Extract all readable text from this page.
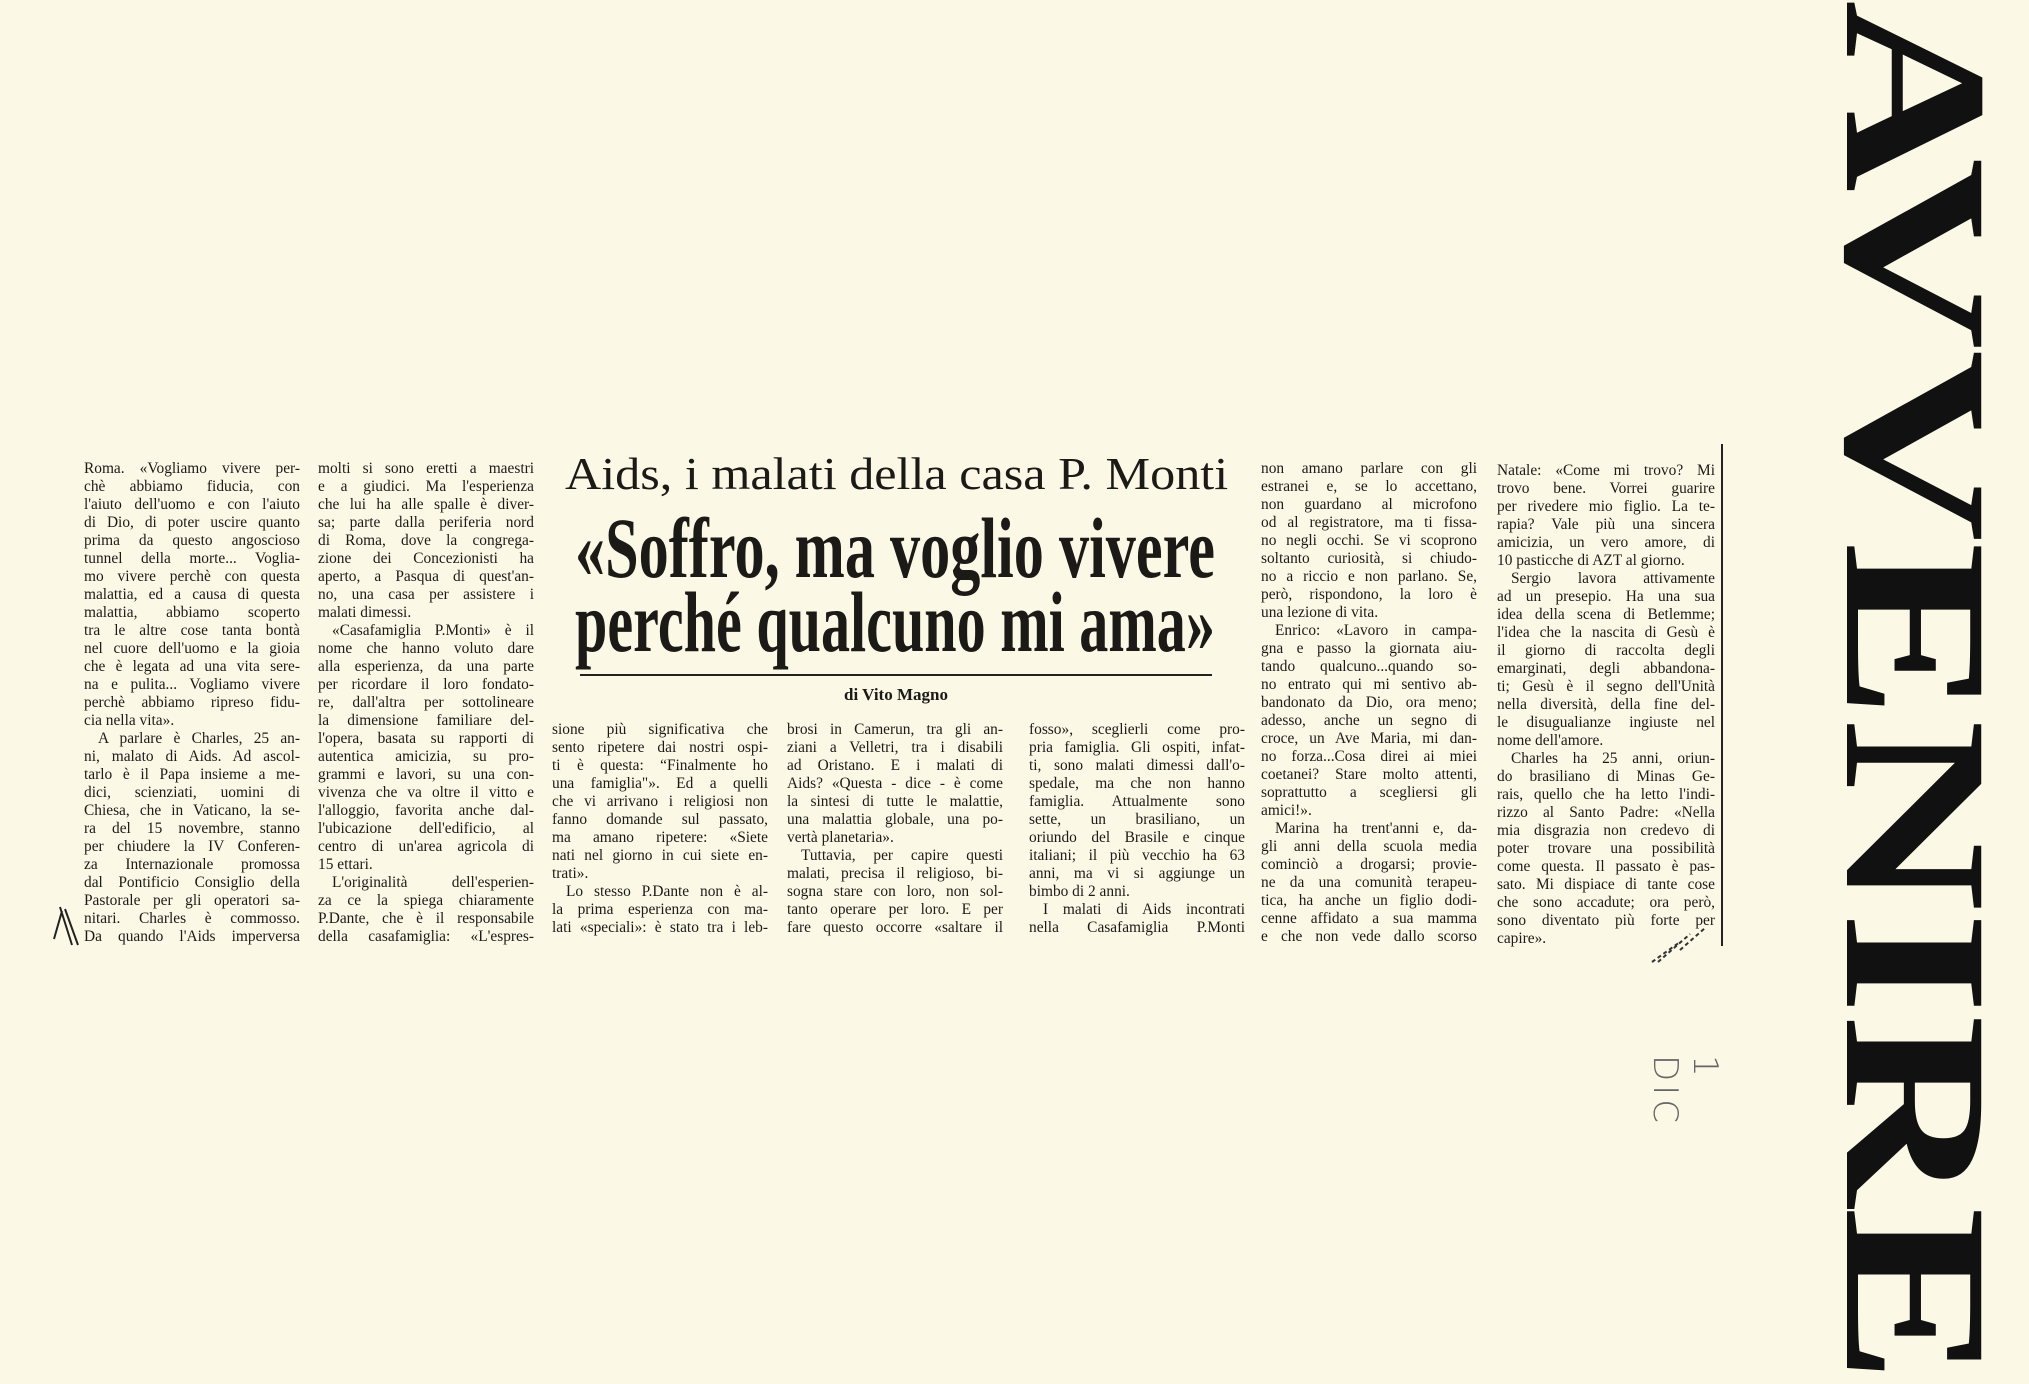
Aids, i malati della casa P. Monti
«Soffro, ma voglio vivere
perché qualcuno mi ama»
di Vito Magno
Roma. «Vogliamo vivere per-
chè abbiamo fiducia, con
l'aiuto dell'uomo e con l'aiuto
di Dio, di poter uscire quanto
prima da questo angoscioso
tunnel della morte... Voglia-
mo vivere perchè con questa
malattia, ed a causa di questa
malattia, abbiamo scoperto
tra le altre cose tanta bontà
nel cuore dell'uomo e la gioia
che è legata ad una vita sere-
na e pulita... Vogliamo vivere
perchè abbiamo ripreso fidu-
cia nella vita».
A parlare è Charles, 25 an-
ni, malato di Aids. Ad ascol-
tarlo è il Papa insieme a me-
dici, scienziati, uomini di
Chiesa, che in Vaticano, la se-
ra del 15 novembre, stanno
per chiudere la IV Conferen-
za Internazionale promossa
dal Pontificio Consiglio della
Pastorale per gli operatori sa-
nitari. Charles è commosso.
Da quando l'Aids imperversa
molti si sono eretti a maestri
e a giudici. Ma l'esperienza
che lui ha alle spalle è diver-
sa; parte dalla periferia nord
di Roma, dove la congrega-
zione dei Concezionisti ha
aperto, a Pasqua di quest'an-
no, una casa per assistere i
malati dimessi.
«Casafamiglia P.Monti» è il
nome che hanno voluto dare
alla esperienza, da una parte
per ricordare il loro fondato-
re, dall'altra per sottolineare
la dimensione familiare del-
l'opera, basata su rapporti di
autentica amicizia, su pro-
grammi e lavori, su una con-
vivenza che va oltre il vitto e
l'alloggio, favorita anche dal-
l'ubicazione dell'edificio, al
centro di un'area agricola di
15 ettari.
L'originalità dell'esperien-
za ce la spiega chiaramente
P.Dante, che è il responsabile
della casafamiglia: «L'espres-
sione più significativa che
sento ripetere dai nostri ospi-
ti è questa: “Finalmente ho
una famiglia"». Ed a quelli
che vi arrivano i religiosi non
fanno domande sul passato,
ma amano ripetere: «Siete
nati nel giorno in cui siete en-
trati».
Lo stesso P.Dante non è al-
la prima esperienza con ma-
lati «speciali»: è stato tra i leb-
brosi in Camerun, tra gli an-
ziani a Velletri, tra i disabili
ad Oristano. E i malati di
Aids? «Questa - dice - è come
la sintesi di tutte le malattie,
una malattia globale, una po-
vertà planetaria».
Tuttavia, per capire questi
malati, precisa il religioso, bi-
sogna stare con loro, non sol-
tanto operare per loro. E per
fare questo occorre «saltare il
fosso», sceglierli come pro-
pria famiglia. Gli ospiti, infat-
ti, sono malati dimessi dall'o-
spedale, ma che non hanno
famiglia. Attualmente sono
sette, un brasiliano, un
oriundo del Brasile e cinque
italiani; il più vecchio ha 63
anni, ma vi si aggiunge un
bimbo di 2 anni.
I malati di Aids incontrati
nella Casafamiglia P.Monti
non amano parlare con gli
estranei e, se lo accettano,
non guardano al microfono
od al registratore, ma ti fissa-
no negli occhi. Se vi scoprono
soltanto curiosità, si chiudo-
no a riccio e non parlano. Se,
però, rispondono, la loro è
una lezione di vita.
Enrico: «Lavoro in campa-
gna e passo la giornata aiu-
tando qualcuno...quando so-
no entrato qui mi sentivo ab-
bandonato da Dio, ora meno;
adesso, anche un segno di
croce, un Ave Maria, mi dan-
no forza...Cosa direi ai miei
coetanei? Stare molto attenti,
soprattutto a scegliersi gli
amici!».
Marina ha trent'anni e, da-
gli anni della scuola media
cominciò a drogarsi; provie-
ne da una comunità terapeu-
tica, ha anche un figlio dodi-
cenne affidato a sua mamma
e che non vede dallo scorso
Natale: «Come mi trovo? Mi
trovo bene. Vorrei guarire
per rivedere mio figlio. La te-
rapia? Vale più una sincera
amicizia, un vero amore, di
10 pasticche di AZT al giorno.
Sergio lavora attivamente
ad un presepio. Ha una sua
idea della scena di Betlemme;
l'idea che la nascita di Gesù è
il giorno di raccolta degli
emarginati, degli abbandona-
ti; Gesù è il segno dell'Unità
nella diversità, della fine del-
le disugualianze ingiuste nel
nome dell'amore.
Charles ha 25 anni, oriun-
do brasiliano di Minas Ge-
rais, quello che ha letto l'indi-
rizzo al Santo Padre: «Nella
mia disgrazia non credevo di
poter trovare una possibilità
come questa. Il passato è pas-
sato. Mi dispiace di tante cose
che sono accadute; ora però,
sono diventato più forte per
capire».	AVVENIRE
1 DIC
